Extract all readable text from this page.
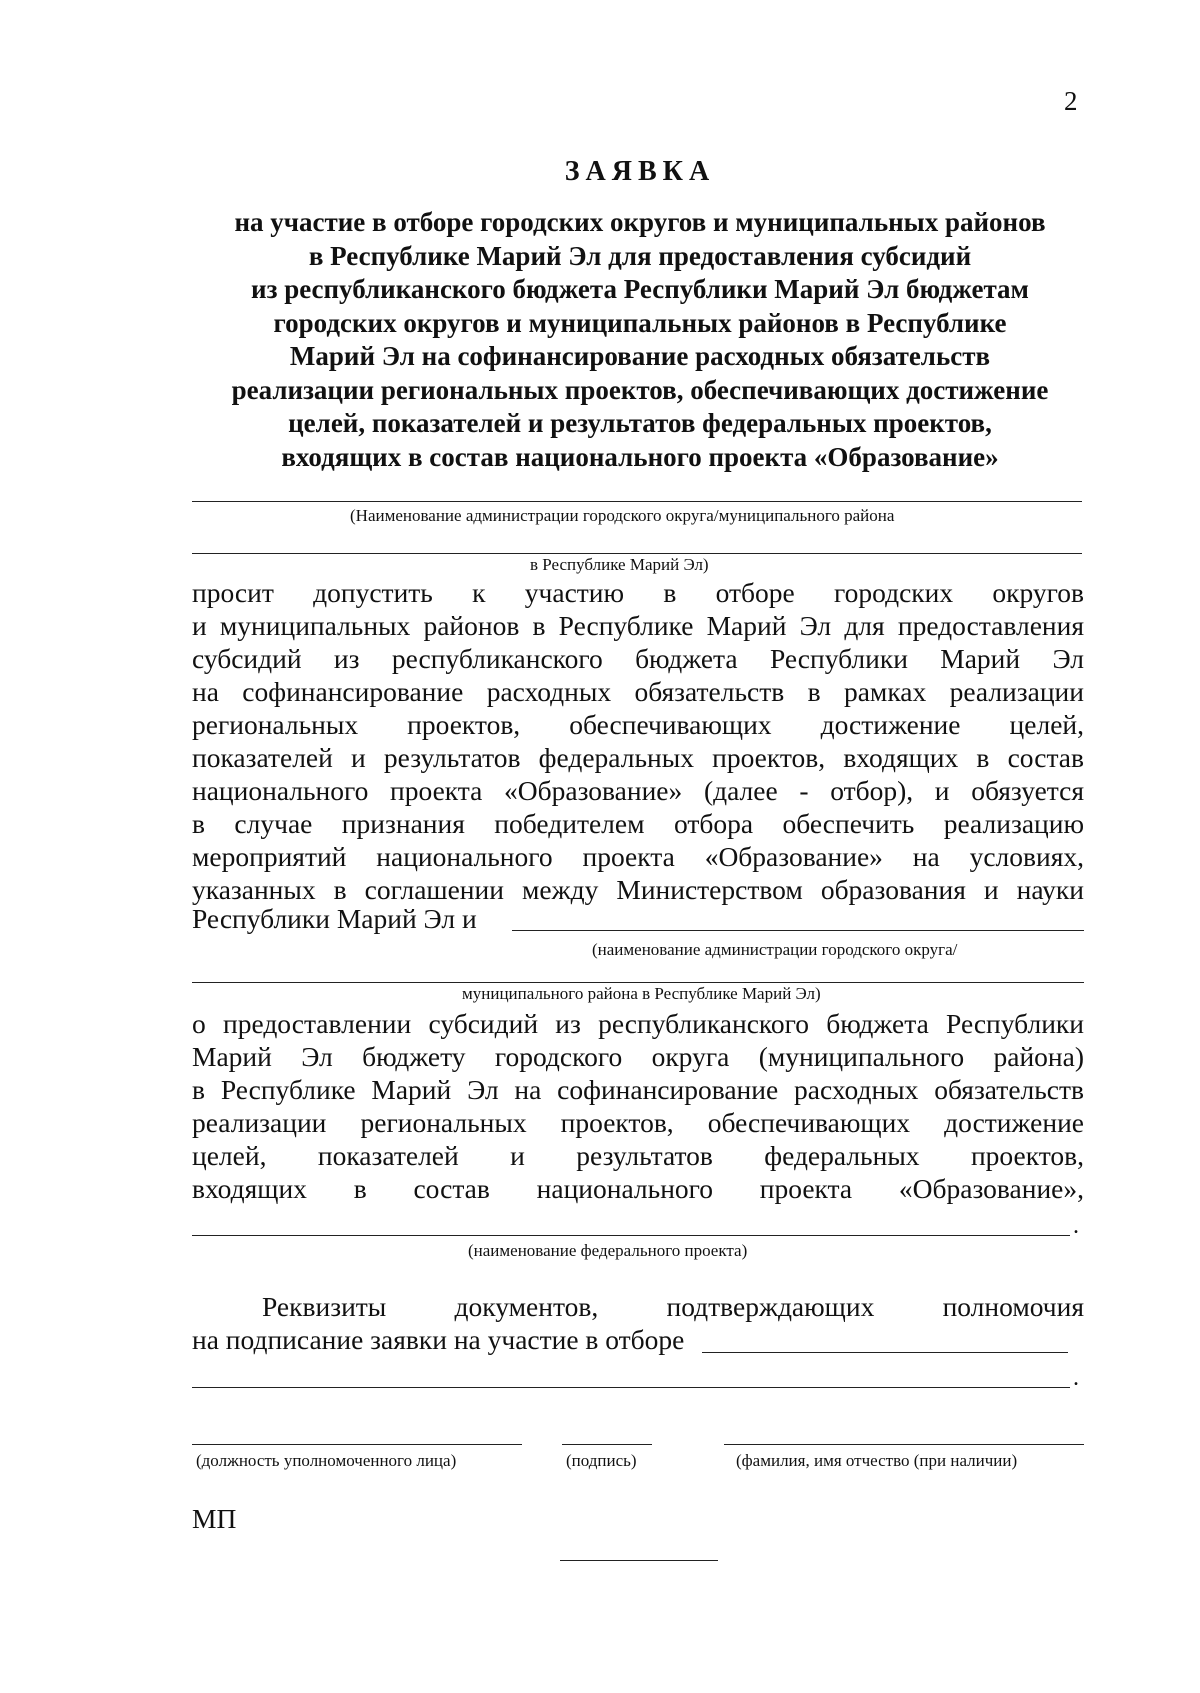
2
ЗАЯВКА
на участие в отборе городских округов и муниципальных районов
в Республике Марий Эл для предоставления субсидий
из республиканского бюджета Республики Марий Эл бюджетам
городских округов и муниципальных районов в Республике
Марий Эл на софинансирование расходных обязательств
реализации региональных проектов, обеспечивающих достижение
целей, показателей и результатов федеральных проектов,
входящих в состав национального проекта «Образование»
(Наименование администрации городского округа/муниципального района
в Республике Марий Эл)
просит допустить к участию в отборе городских округов
и муниципальных районов в Республике Марий Эл для предоставления
субсидий из республиканского бюджета Республики Марий Эл
на софинансирование расходных обязательств в рамках реализации
региональных проектов, обеспечивающих достижение целей,
показателей и результатов федеральных проектов, входящих в состав
национального проекта «Образование» (далее - отбор), и обязуется
в случае признания победителем отбора обеспечить реализацию
мероприятий национального проекта «Образование» на условиях,
указанных в соглашении между Министерством образования и науки
Республики Марий Эл и
(наименование администрации городского округа/
муниципального района в Республике Марий Эл)
о предоставлении субсидий из республиканского бюджета Республики
Марий Эл бюджету городского округа (муниципального района)
в Республике Марий Эл на софинансирование расходных обязательств
реализации региональных проектов, обеспечивающих достижение
целей, показателей и результатов федеральных проектов,
входящих в состав национального проекта «Образование»,
.
(наименование федерального проекта)
Реквизиты документов, подтверждающих полномочия
на подписание заявки на участие в отборе
.
(должность уполномоченного лица)	(подпись)	(фамилия, имя отчество (при наличии)
МП
